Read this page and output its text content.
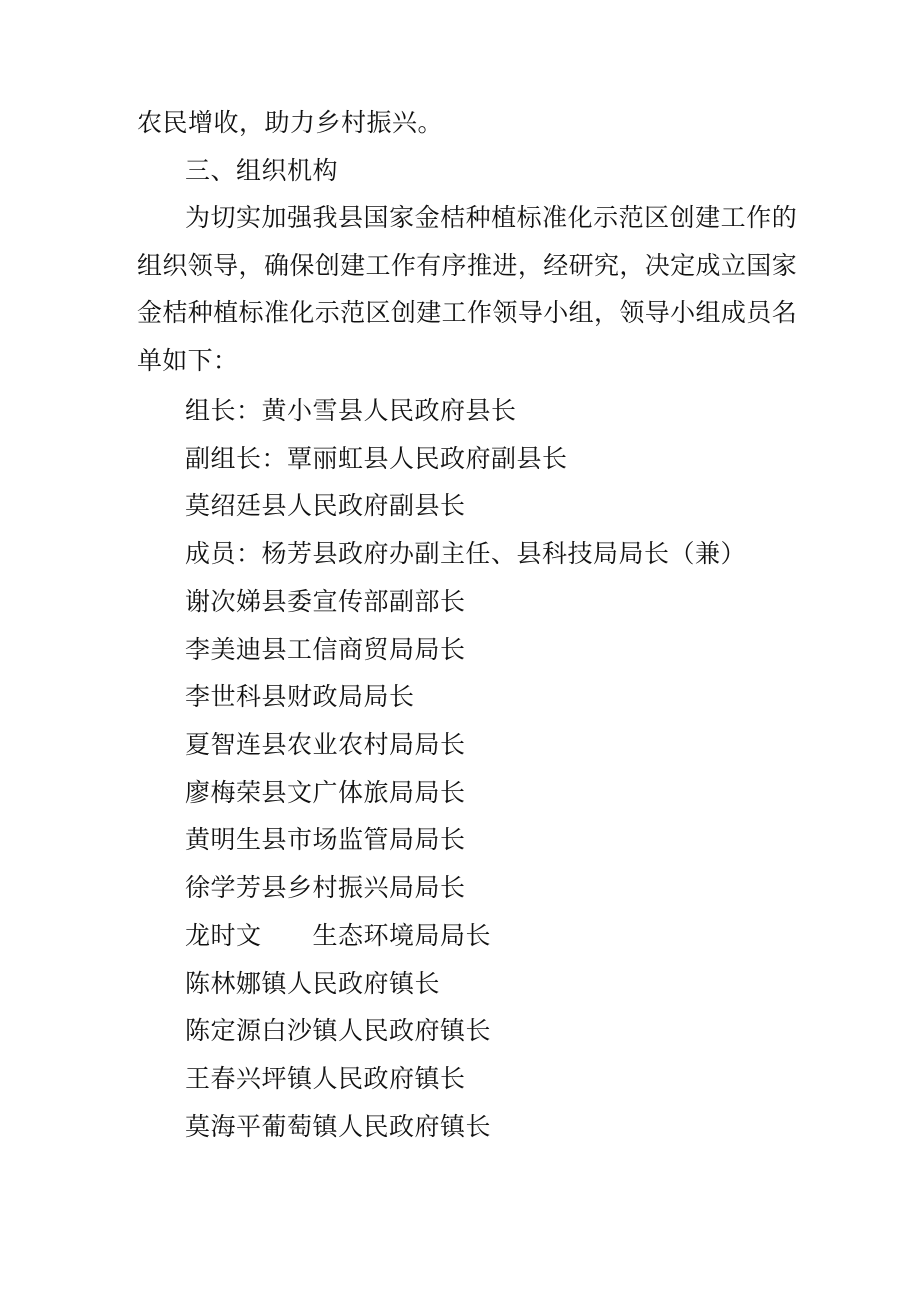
农民增收，助力乡村振兴。
三、组织机构
为切实加强我县国家金桔种植标准化示范区创建工作的组织领导，确保创建工作有序推进，经研究，决定成立国家金桔种植标准化示范区创建工作领导小组，领导小组成员名单如下：
组长：黄小雪县人民政府县长
副组长：覃丽虹县人民政府副县长
莫绍廷县人民政府副县长
成员：杨芳县政府办副主任、县科技局局长（兼）
谢次娣县委宣传部副部长
李美迪县工信商贸局局长
李世科县财政局局长
夏智连县农业农村局局长
廖梅荣县文广体旅局局长
黄明生县市场监管局局长
徐学芳县乡村振兴局局长
龙时文　　生态环境局局长
陈林娜镇人民政府镇长
陈定源白沙镇人民政府镇长
王春兴坪镇人民政府镇长
莫海平葡萄镇人民政府镇长
